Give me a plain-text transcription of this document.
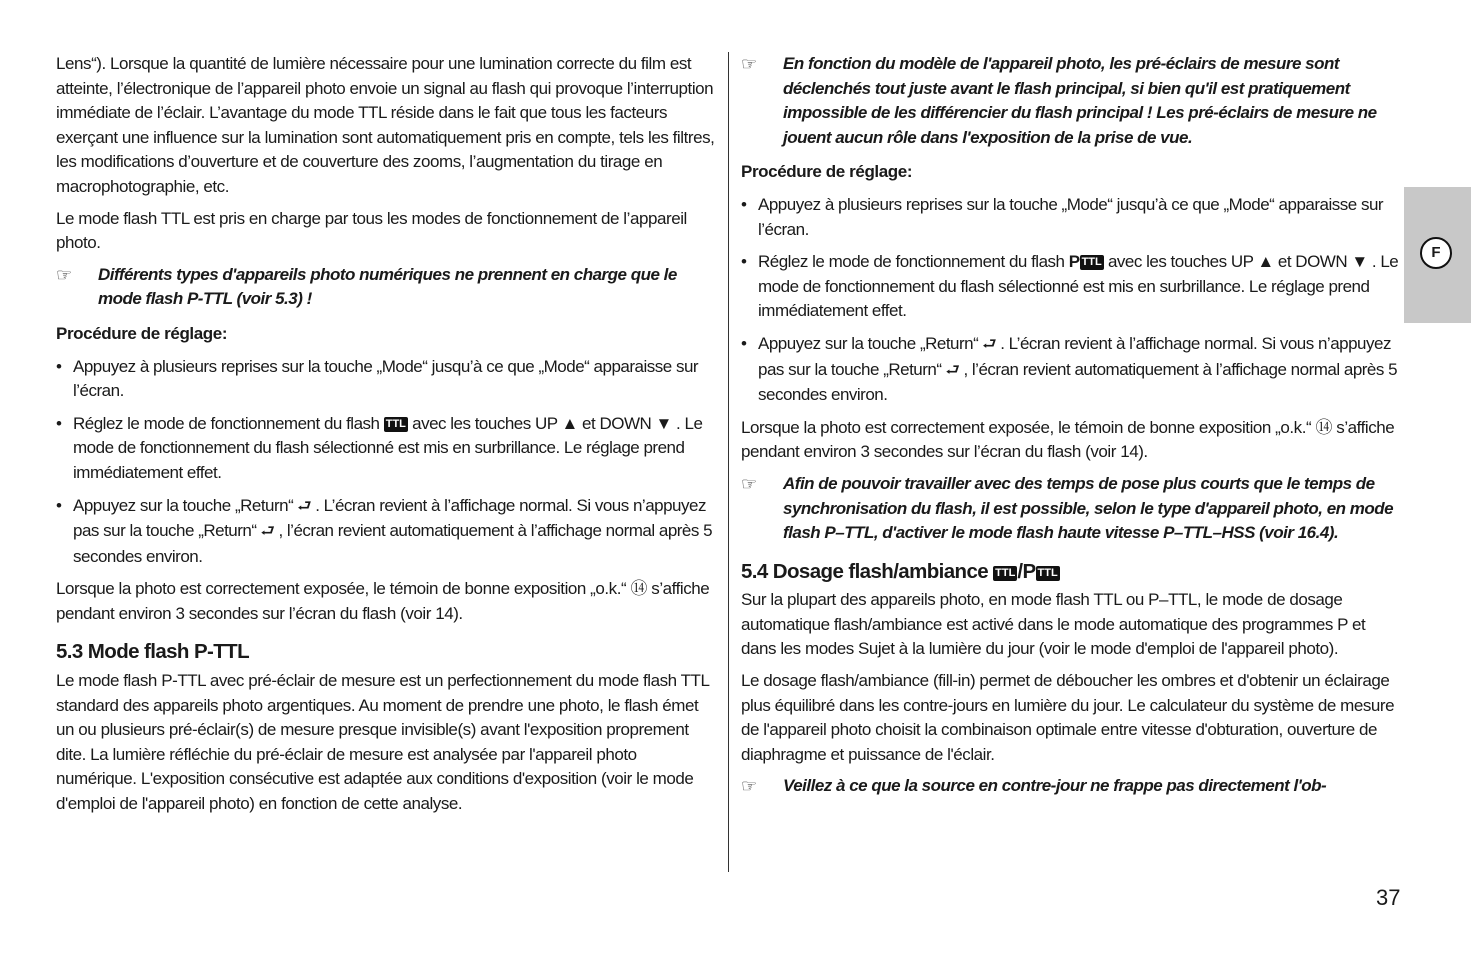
Lens“). Lorsque la quantité de lumière nécessaire pour une lumination correcte du film est atteinte, l’électronique de l’appareil photo envoie un signal au flash qui provoque l’interruption immédiate de l’éclair. L’avantage du mode TTL réside dans le fait que tous les facteurs exerçant une influence sur la lumination sont automatiquement pris en compte, tels les filtres, les modifications d’ouverture et de couverture des zooms, l’augmentation du tirage en macrophotographie, etc.

Le mode flash TTL est pris en charge par tous les modes de fonctionnement de l’appareil photo.

☞ Différents types d'appareils photo numériques ne prennent en charge que le mode flash P-TTL (voir 5.3) !
Procédure de réglage:
• Appuyez à plusieurs reprises sur la touche „Mode“ jusqu’à ce que „Mode“ apparaisse sur l’écran.
• Réglez le mode de fonctionnement du flash TTL avec les touches UP ▲ et DOWN ▼ . Le mode de fonctionnement du flash sélectionné est mis en surbrillance. Le réglage prend immédiatement effet.
• Appuyez sur la touche „Return“ ⮐ . L’écran revient à l’affichage normal. Si vous n’appuyez pas sur la touche „Return“ ⮐ , l’écran revient automatiquement à l’affichage normal après 5 secondes environ.

Lorsque la photo est correctement exposée, le témoin de bonne exposition „o.k.“ ⑭ s’affiche pendant environ 3 secondes sur l’écran du flash (voir 14).

5.3 Mode flash P-TTL

Le mode flash P-TTL avec pré-éclair de mesure est un perfectionnement du mode flash TTL standard des appareils photo argentiques. Au moment de prendre une photo, le flash émet un ou plusieurs pré-éclair(s) de mesure presque invisible(s) avant l'exposition proprement dite. La lumière réfléchie du pré-éclair de mesure est analysée par l'appareil photo numérique. L'exposition consécutive est adaptée aux conditions d'exposition (voir le mode d'emploi de l'appareil photo) en fonction de cette analyse.

☞ En fonction du modèle de l'appareil photo, les pré-éclairs de mesure sont déclenchés tout juste avant le flash principal, si bien qu'il est pratiquement impossible de les différencier du flash principal ! Les pré-éclairs de mesure ne jouent aucun rôle dans l'exposition de la prise de vue.
Procédure de réglage:
• Appuyez à plusieurs reprises sur la touche „Mode“ jusqu’à ce que „Mode“ apparaisse sur l’écran.
• Réglez le mode de fonctionnement du flash P TTL avec les touches UP ▲ et DOWN ▼ . Le mode de fonctionnement du flash sélectionné est mis en surbrillance. Le réglage prend immédiatement effet.
• Appuyez sur la touche „Return“ ⮐ . L’écran revient à l’affichage normal. Si vous n’appuyez pas sur la touche „Return“ ⮐ , l’écran revient automatiquement à l’affichage normal après 5 secondes environ.

Lorsque la photo est correctement exposée, le témoin de bonne exposition „o.k.“ ⑭ s’affiche pendant environ 3 secondes sur l’écran du flash (voir 14).

☞ Afin de pouvoir travailler avec des temps de pose plus courts que le temps de synchronisation du flash, il est possible, selon le type d'appareil photo, en mode flash P–TTL, d'activer le mode flash haute vitesse P–TTL–HSS (voir 16.4).
5.4 Dosage flash/ambiance TTL/P TTL

Sur la plupart des appareils photo, en mode flash TTL ou P–TTL, le mode de dosage automatique flash/ambiance est activé dans le mode automatique des programmes P et dans les modes Sujet à la lumière du jour (voir le mode d'emploi de l'appareil photo).

Le dosage flash/ambiance (fill-in) permet de déboucher les ombres et d'obtenir un éclairage plus équilibré dans les contre-jours en lumière du jour. Le calculateur du système de mesure de l'appareil photo choisit la combinaison optimale entre vitesse d'obturation, ouverture de diaphragme et puissance de l'éclair.

☞ Veillez à ce que la source en contre-jour ne frappe pas directement l'ob-
F
37
